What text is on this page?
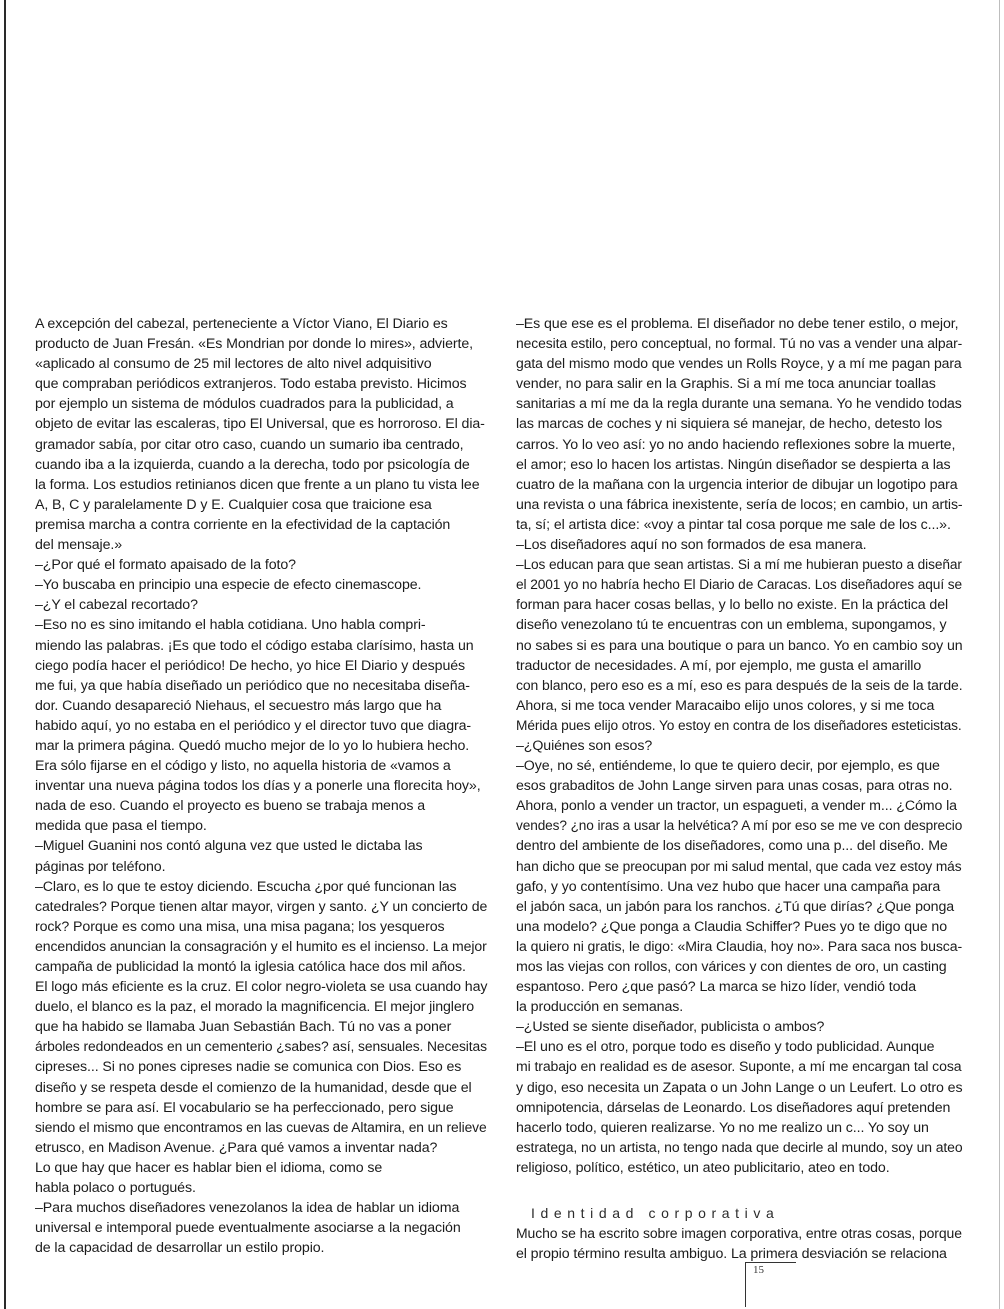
A excepción del cabezal, perteneciente a Víctor Viano, El Diario es

producto de Juan Fresán. «Es Mondrian por donde lo mires», advierte,

«aplicado al consumo de 25 mil lectores de alto nivel adquisitivo

que compraban periódicos extranjeros. Todo estaba previsto. Hicimos

por ejemplo un sistema de módulos cuadrados para la publicidad, a

objeto de evitar las escaleras, tipo El Universal, que es horroroso. El dia-

gramador sabía, por citar otro caso, cuando un sumario iba centrado,

cuando iba a la izquierda, cuando a la derecha, todo por psicología de

la forma. Los estudios retinianos dicen que frente a un plano tu vista lee

A, B, C y paralelamente D y E. Cualquier cosa que traicione esa

premisa marcha a contra corriente en la efectividad de la captación

del mensaje.»

–¿Por qué el formato apaisado de la foto?

–Yo buscaba en principio una especie de efecto cinemascope.

–¿Y el cabezal recortado?

–Eso no es sino imitando el habla cotidiana. Uno habla compri-

miendo las palabras. ¡Es que todo el código estaba clarísimo, hasta un

ciego podía hacer el periódico! De hecho, yo hice El Diario y después

me fui, ya que había diseñado un periódico que no necesitaba diseña-

dor. Cuando desapareció Niehaus, el secuestro más largo que ha

habido aquí, yo no estaba en el periódico y el director tuvo que diagra-

mar la primera página. Quedó mucho mejor de lo yo lo hubiera hecho.

Era sólo fijarse en el código y listo, no aquella historia de «vamos a

inventar una nueva página todos los días y a ponerle una florecita hoy»,

nada de eso. Cuando el proyecto es bueno se trabaja menos a

medida que pasa el tiempo.

–Miguel Guanini nos contó alguna vez que usted le dictaba las

páginas por teléfono.

–Claro, es lo que te estoy diciendo. Escucha ¿por qué funcionan las

catedrales? Porque tienen altar mayor, virgen y santo. ¿Y un concierto de

rock? Porque es como una misa, una misa pagana; los yesqueros

encendidos anuncian la consagración y el humito es el incienso. La mejor

campaña de publicidad la montó la iglesia católica hace dos mil años.

El logo más eficiente es la cruz. El color negro-violeta se usa cuando hay

duelo, el blanco es la paz, el morado la magnificencia. El mejor jinglero

que ha habido se llamaba Juan Sebastián Bach. Tú no vas a poner

árboles redondeados en un cementerio ¿sabes? así, sensuales. Necesitas

cipreses... Si no pones cipreses nadie se comunica con Dios. Eso es

diseño y se respeta desde el comienzo de la humanidad, desde que el

hombre se para así. El vocabulario se ha perfeccionado, pero sigue

siendo el mismo que encontramos en las cuevas de Altamira, en un relieve

etrusco, en Madison Avenue. ¿Para qué vamos a inventar nada?

Lo que hay que hacer es hablar bien el idioma, como se

habla polaco o portugués.

–Para muchos diseñadores venezolanos la idea de hablar un idioma

universal e intemporal puede eventualmente asociarse a la negación

de la capacidad de desarrollar un estilo propio.

–Es que ese es el problema. El diseñador no debe tener estilo, o mejor,

necesita estilo, pero conceptual, no formal. Tú no vas a vender una alpar-

gata del mismo modo que vendes un Rolls Royce, y a mí me pagan para

vender, no para salir en la Graphis. Si a mí me toca anunciar toallas

sanitarias a mí me da la regla durante una semana. Yo he vendido todas

las marcas de coches y ni siquiera sé manejar, de hecho, detesto los

carros. Yo lo veo así: yo no ando haciendo reflexiones sobre la muerte,

el amor; eso lo hacen los artistas. Ningún diseñador se despierta a las

cuatro de la mañana con la urgencia interior de dibujar un logotipo para

una revista o una fábrica inexistente, sería de locos; en cambio, un artis-

ta, sí; el artista dice: «voy a pintar tal cosa porque me sale de los c...».

–Los diseñadores aquí no son formados de esa manera.

–Los educan para que sean artistas. Si a mí me hubieran puesto a diseñar

el 2001 yo no habría hecho El Diario de Caracas. Los diseñadores aquí se

forman para hacer cosas bellas, y lo bello no existe. En la práctica del

diseño venezolano tú te encuentras con un emblema, supongamos, y

no sabes si es para una boutique o para un banco. Yo en cambio soy un

traductor de necesidades. A mí, por ejemplo, me gusta el amarillo

con blanco, pero eso es a mí, eso es para después de la seis de la tarde.

Ahora, si me toca vender Maracaibo elijo unos colores, y si me toca

Mérida pues elijo otros. Yo estoy en contra de los diseñadores esteticistas.

–¿Quiénes son esos?

–Oye, no sé, entiéndeme, lo que te quiero decir, por ejemplo, es que

esos grabaditos de John Lange sirven para unas cosas, para otras no.

Ahora, ponlo a vender un tractor, un espagueti, a vender m... ¿Cómo la

vendes? ¿no iras a usar la helvética? A mí por eso se me ve con desprecio

dentro del ambiente de los diseñadores, como una p... del diseño. Me

han dicho que se preocupan por mi salud mental, que cada vez estoy más

gafo, y yo contentísimo. Una vez hubo que hacer una campaña para

el jabón saca, un jabón para los ranchos. ¿Tú que dirías? ¿Que ponga

una modelo? ¿Que ponga a Claudia Schiffer? Pues yo te digo que no

la quiero ni gratis, le digo: «Mira Claudia, hoy no». Para saca nos busca-

mos las viejas con rollos, con várices y con dientes de oro, un casting

espantoso. Pero ¿que pasó? La marca se hizo líder, vendió toda

la producción en semanas.

–¿Usted se siente diseñador, publicista o ambos?

–El uno es el otro, porque todo es diseño y todo publicidad. Aunque

mi trabajo en realidad es de asesor. Suponte, a mí me encargan tal cosa

y digo, eso necesita un Zapata o un John Lange o un Leufert. Lo otro es

omnipotencia, dárselas de Leonardo. Los diseñadores aquí pretenden

hacerlo todo, quieren realizarse. Yo no me realizo un c... Yo soy un

estratega, no un artista, no tengo nada que decirle al mundo, soy un ateo

religioso, político, estético, un ateo publicitario, ateo en todo.

Identidad corporativa

Mucho se ha escrito sobre imagen corporativa, entre otras cosas, porque

el propio término resulta ambiguo. La primera desviación se relaciona

15
